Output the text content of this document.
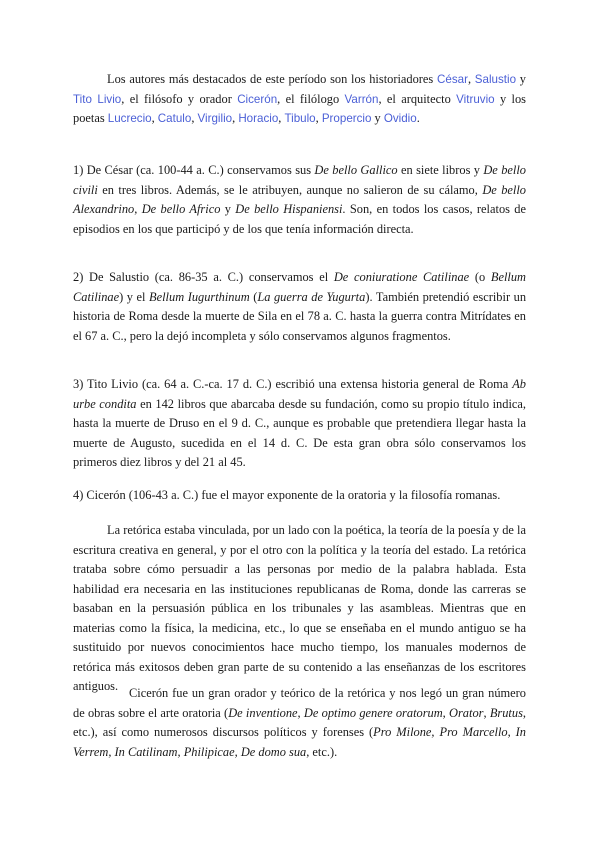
Los autores más destacados de este período son los historiadores César, Salustio y Tito Livio, el filósofo y orador Cicerón, el filólogo Varrón, el arquitecto Vitruvio y los poetas Lucrecio, Catulo, Virgilio, Horacio, Tibulo, Propercio y Ovidio.

1) De César (ca. 100-44 a. C.) conservamos sus De bello Gallico en siete libros y De bello civili en tres libros. Además, se le atribuyen, aunque no salieron de su cálamo, De bello Alexandrino, De bello Africo y De bello Hispaniensi. Son, en todos los casos, relatos de episodios en los que participó y de los que tenía información directa.

2) De Salustio (ca. 86-35 a. C.) conservamos el De coniuratione Catilinae (o Bellum Catilinae) y el Bellum Iugurthinum (La guerra de Yugurta). También pretendió escribir un historia de Roma desde la muerte de Sila en el 78 a. C. hasta la guerra contra Mitrídates en el 67 a. C., pero la dejó incompleta y sólo conservamos algunos fragmentos.

3) Tito Livio (ca. 64 a. C.-ca. 17 d. C.) escribió una extensa historia general de Roma Ab urbe condita en 142 libros que abarcaba desde su fundación, como su propio título indica, hasta la muerte de Druso en el 9 d. C., aunque es probable que pretendiera llegar hasta la muerte de Augusto, sucedida en el 14 d. C. De esta gran obra sólo conservamos los primeros diez libros y del 21 al 45.

4) Cicerón (106-43 a. C.) fue el mayor exponente de la oratoria y la filosofía romanas.

La retórica estaba vinculada, por un lado con la poética, la teoría de la poesía y de la escritura creativa en general, y por el otro con la política y la teoría del estado. La retórica trataba sobre cómo persuadir a las personas por medio de la palabra hablada. Esta habilidad era necesaria en las instituciones republicanas de Roma, donde las carreras se basaban en la persuasión pública en los tribunales y las asambleas. Mientras que en materias como la física, la medicina, etc., lo que se enseñaba en el mundo antiguo se ha sustituido por nuevos conocimientos hace mucho tiempo, los manuales modernos de retórica más exitosos deben gran parte de su contenido a las enseñanzas de los escritores antiguos. Cicerón fue un gran orador y teórico de la retórica y nos legó un gran número de obras sobre el arte oratoria (De inventione, De optimo genere oratorum, Orator, Brutus, etc.), así como numerosos discursos políticos y forenses (Pro Milone, Pro Marcello, In Verrem, In Catilinam, Philipicae, De domo sua, etc.).
